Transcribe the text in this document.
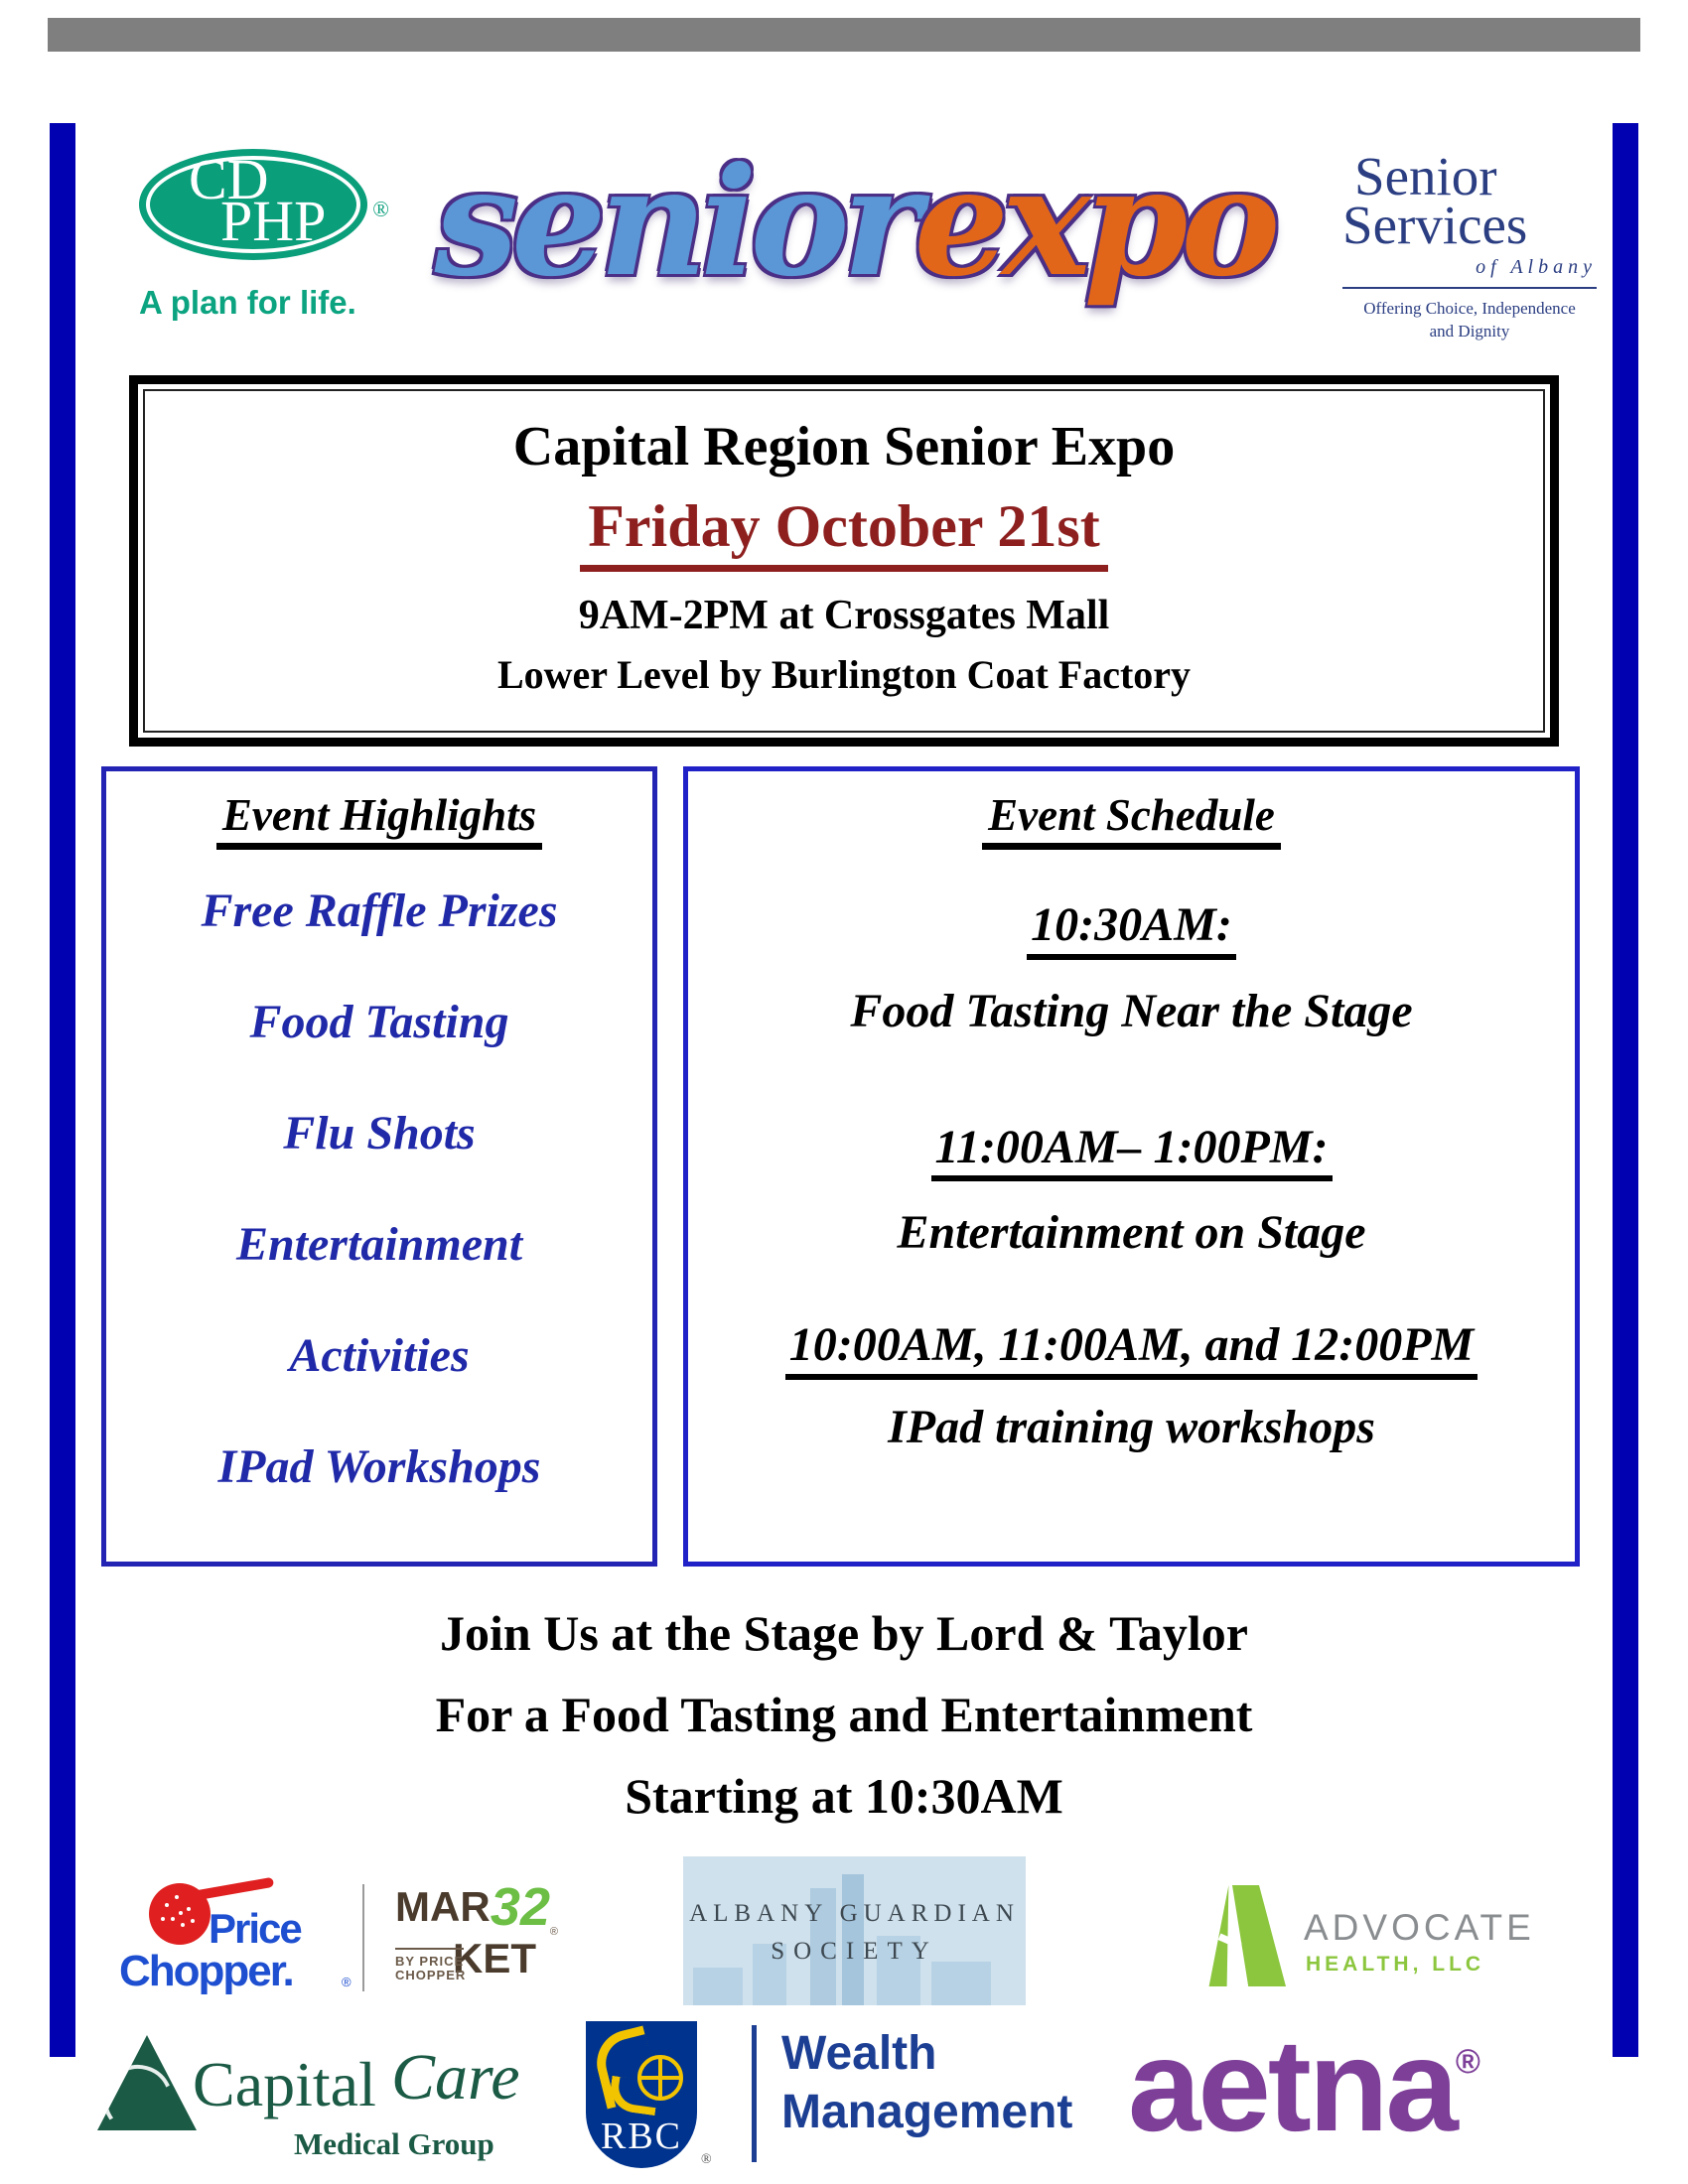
CD
PHP ®
A plan for life. seniorexpo	Senior
Services
of Albany
Offering Choice, Independence
and Dignity
Capital Region Senior Expo
Friday October 21st
9AM-2PM at Crossgates Mall
Lower Level by Burlington Coat Factory
Event Highlights
Free Raffle Prizes
Food Tasting
Flu Shots
Entertainment
Activities
IPad Workshops
Event Schedule
10:30AM:
Food Tasting Near the Stage
11:00AM– 1:00PM:
Entertainment on Stage
10:00AM, 11:00AM, and 12:00PM
IPad training workshops
Join Us at the Stage by Lord & Taylor
For a Food Tasting and Entertainment
Starting at 10:30AM
Price
Chopper.	®
MAR 32
KET
BY PRICE
CHOPPER
®
ALBANY GUARDIAN
SOCIETY
ADVOCATE
HEALTH, LLC
Capital Care
Medical Group	RBC
®
Wealth
Management aetna®
